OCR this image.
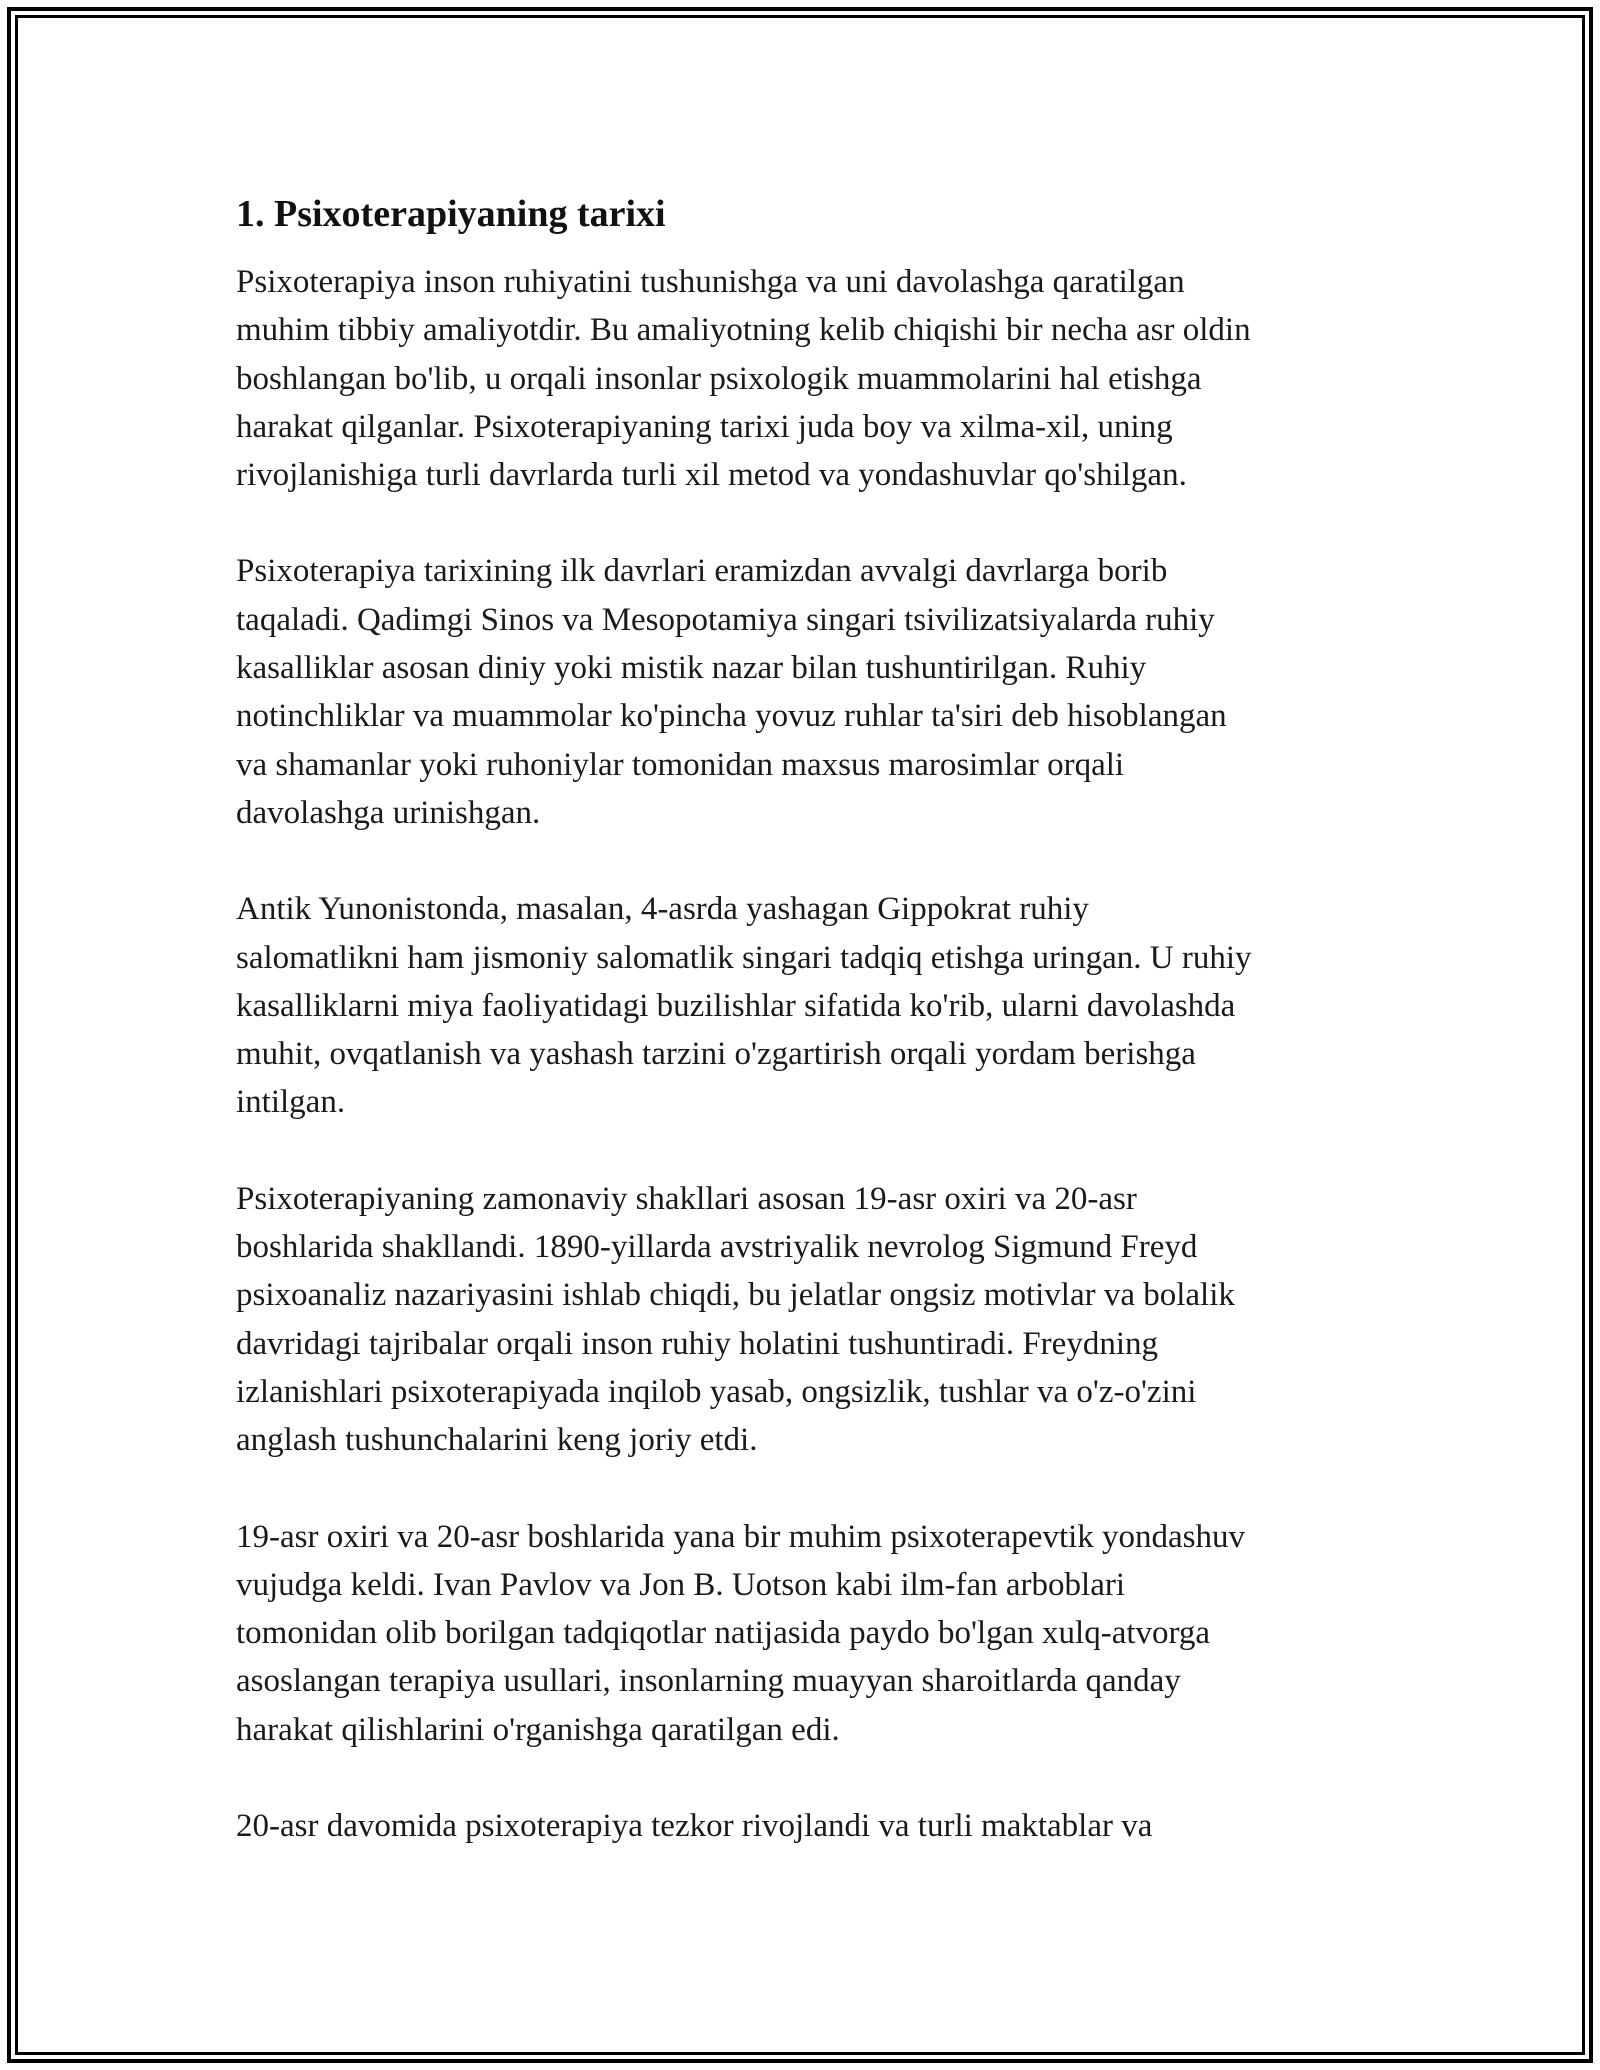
1. Psixoterapiyaning tarixi

Psixoterapiya inson ruhiyatini tushunishga va uni davolashga qaratilgan
muhim tibbiy amaliyotdir. Bu amaliyotning kelib chiqishi bir necha asr oldin
boshlangan bo'lib, u orqali insonlar psixologik muammolarini hal etishga
harakat qilganlar. Psixoterapiyaning tarixi juda boy va xilma-xil, uning
rivojlanishiga turli davrlarda turli xil metod va yondashuvlar qo'shilgan.

Psixoterapiya tarixining ilk davrlari eramizdan avvalgi davrlarga borib
taqaladi. Qadimgi Sinos va Mesopotamiya singari tsivilizatsiyalarda ruhiy
kasalliklar asosan diniy yoki mistik nazar bilan tushuntirilgan. Ruhiy
notinchliklar va muammolar ko'pincha yovuz ruhlar ta'siri deb hisoblangan
va shamanlar yoki ruhoniylar tomonidan maxsus marosimlar orqali
davolashga urinishgan.

Antik Yunonistonda, masalan, 4-asrda yashagan Gippokrat ruhiy
salomatlikni ham jismoniy salomatlik singari tadqiq etishga uringan. U ruhiy
kasalliklarni miya faoliyatidagi buzilishlar sifatida ko'rib, ularni davolashda
muhit, ovqatlanish va yashash tarzini o'zgartirish orqali yordam berishga
intilgan.

Psixoterapiyaning zamonaviy shakllari asosan 19-asr oxiri va 20-asr
boshlarida shakllandi. 1890-yillarda avstriyalik nevrolog Sigmund Freyd
psixoanaliz nazariyasini ishlab chiqdi, bu jelatlar ongsiz motivlar va bolalik
davridagi tajribalar orqali inson ruhiy holatini tushuntiradi. Freydning
izlanishlari psixoterapiyada inqilob yasab, ongsizlik, tushlar va o'z-o'zini
anglash tushunchalarini keng joriy etdi.

19-asr oxiri va 20-asr boshlarida yana bir muhim psixoterapevtik yondashuv
vujudga keldi. Ivan Pavlov va Jon B. Uotson kabi ilm-fan arboblari
tomonidan olib borilgan tadqiqotlar natijasida paydo bo'lgan xulq-atvorga
asoslangan terapiya usullari, insonlarning muayyan sharoitlarda qanday
harakat qilishlarini o'rganishga qaratilgan edi.

20-asr davomida psixoterapiya tezkor rivojlandi va turli maktablar va
